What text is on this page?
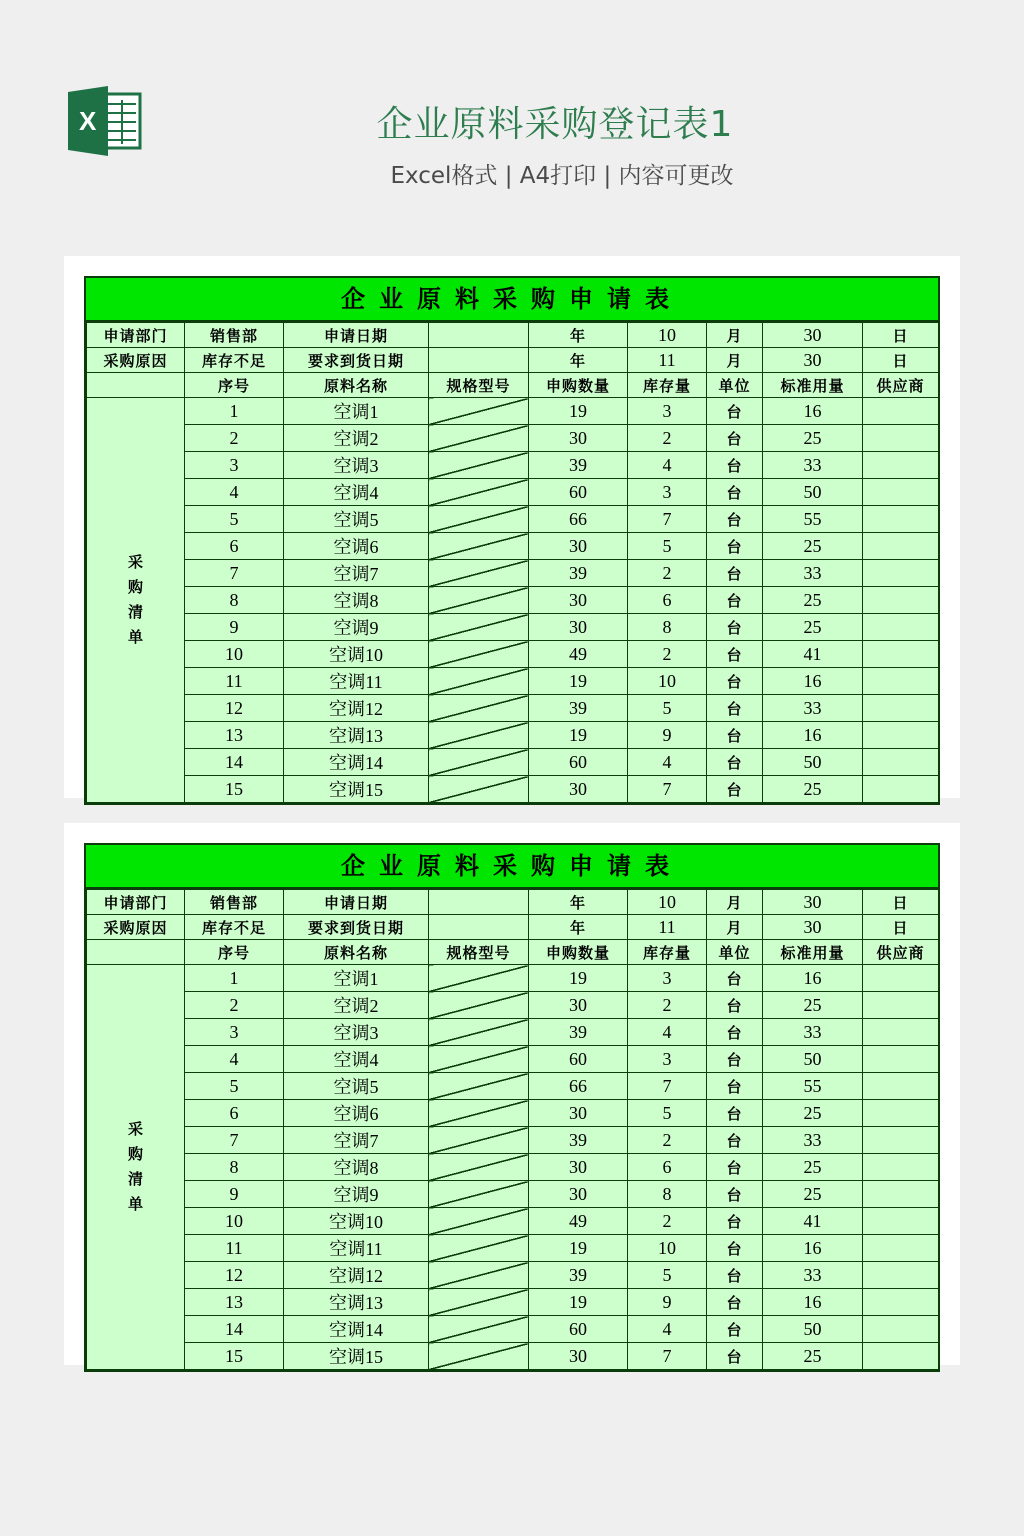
X	企业原料采购登记表1
Excel格式 | A4打印 | 内容可更改
企业原料采购申请表
申请部门	销售部	申请日期		年	10	月	30	日
采购原因	库存不足	要求到货日期		年	11	月	30	日
	序号	原料名称	规格型号	申购数量	库存量	单位	标准用量	供应商

采
购
清
单	1	空调1		19	3	台	16	
	2	空调2		30	2	台	25	
	3	空调3		39	4	台	33	
	4	空调4		60	3	台	50	
	5	空调5		66	7	台	55	
	6	空调6		30	5	台	25	
	7	空调7		39	2	台	33	
	8	空调8		30	6	台	25	
	9	空调9		30	8	台	25	
	10	空调10		49	2	台	41	
	11	空调11		19	10	台	16	
	12	空调12		39	5	台	33	
	13	空调13		19	9	台	16	
	14	空调14		60	4	台	50	
	15	空调15		30	7	台	25	
企业原料采购申请表
申请部门	销售部	申请日期		年	10	月	30	日
采购原因	库存不足	要求到货日期		年	11	月	30	日
	序号	原料名称	规格型号	申购数量	库存量	单位	标准用量	供应商

采
购
清
单	1	空调1		19	3	台	16	
	2	空调2		30	2	台	25	
	3	空调3		39	4	台	33	
	4	空调4		60	3	台	50	
	5	空调5		66	7	台	55	
	6	空调6		30	5	台	25	
	7	空调7		39	2	台	33	
	8	空调8		30	6	台	25	
	9	空调9		30	8	台	25	
	10	空调10		49	2	台	41	
	11	空调11		19	10	台	16	
	12	空调12		39	5	台	33	
	13	空调13		19	9	台	16	
	14	空调14		60	4	台	50	
	15	空调15		30	7	台	25	
